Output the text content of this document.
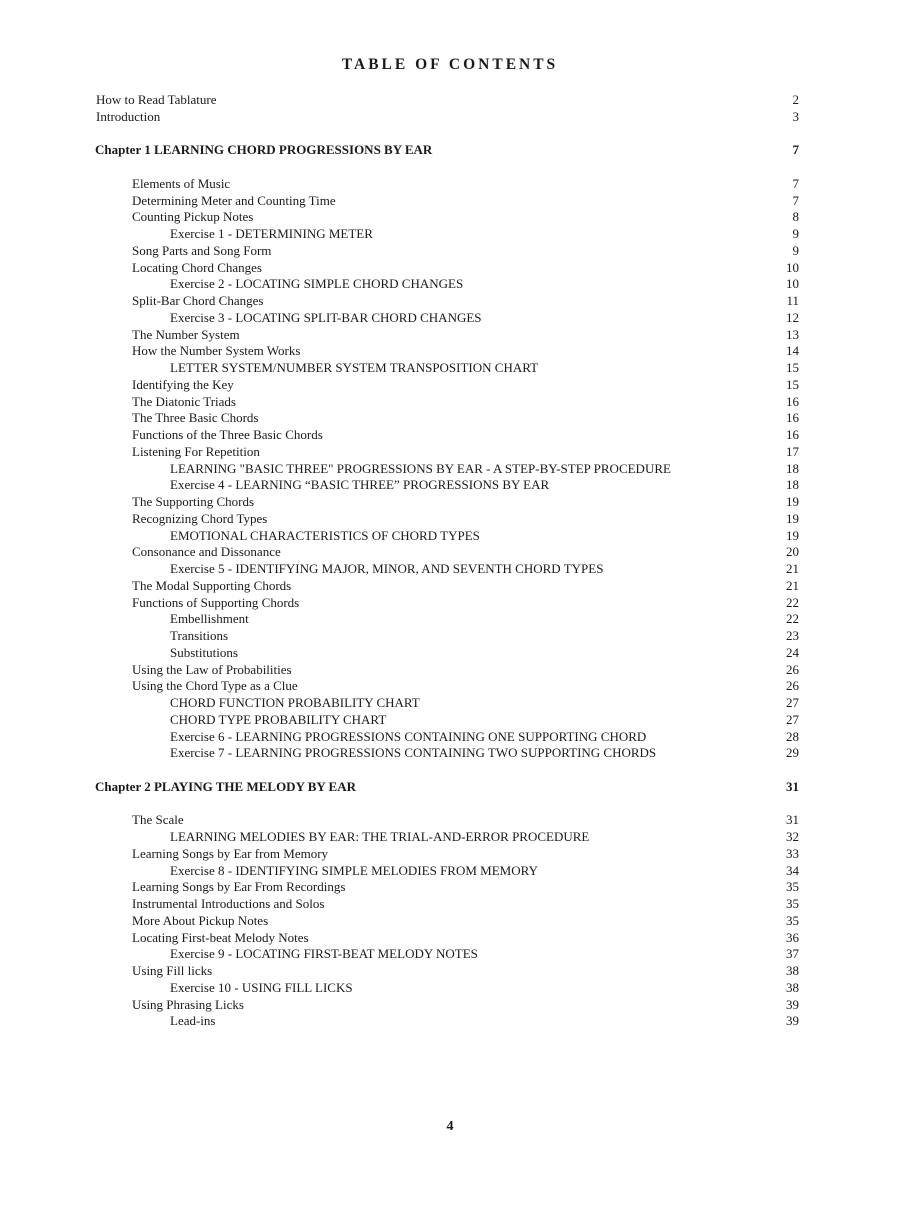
TABLE OF CONTENTS
How to Read Tablature	2
Introduction	3
Chapter 1 LEARNING CHORD PROGRESSIONS BY EAR	7
Elements of Music	7
Determining Meter and Counting Time	7
Counting Pickup Notes	8
Exercise 1 - DETERMINING METER	9
Song Parts and Song Form	9
Locating Chord Changes	10
Exercise 2 - LOCATING SIMPLE CHORD CHANGES	10
Split-Bar Chord Changes	11
Exercise 3 - LOCATING SPLIT-BAR CHORD CHANGES	12
The Number System	13
How the Number System Works	14
LETTER SYSTEM/NUMBER SYSTEM TRANSPOSITION CHART	15
Identifying the Key	15
The Diatonic Triads	16
The Three Basic Chords	16
Functions of the Three Basic Chords	16
Listening For Repetition	17
LEARNING "BASIC THREE" PROGRESSIONS BY EAR - A STEP-BY-STEP PROCEDURE	18
Exercise 4 - LEARNING “BASIC THREE” PROGRESSIONS BY EAR	18
The Supporting Chords	19
Recognizing Chord Types	19
EMOTIONAL CHARACTERISTICS OF CHORD TYPES	19
Consonance and Dissonance	20
Exercise 5 - IDENTIFYING MAJOR, MINOR, AND SEVENTH CHORD TYPES	21
The Modal Supporting Chords	21
Functions of Supporting Chords	22
Embellishment	22
Transitions	23
Substitutions	24
Using the Law of Probabilities	26
Using the Chord Type as a Clue	26
CHORD FUNCTION PROBABILITY CHART	27
CHORD TYPE PROBABILITY CHART	27
Exercise 6 - LEARNING PROGRESSIONS CONTAINING ONE SUPPORTING CHORD	28
Exercise 7 - LEARNING PROGRESSIONS CONTAINING TWO SUPPORTING CHORDS	29
Chapter 2 PLAYING THE MELODY BY EAR	31
The Scale	31
LEARNING MELODIES BY EAR: THE TRIAL-AND-ERROR PROCEDURE	32
Learning Songs by Ear from Memory	33
Exercise 8 - IDENTIFYING SIMPLE MELODIES FROM MEMORY	34
Learning Songs by Ear From Recordings	35
Instrumental Introductions and Solos	35
More About Pickup Notes	35
Locating First-beat Melody Notes	36
Exercise 9 - LOCATING FIRST-BEAT MELODY NOTES	37
Using Fill licks	38
Exercise 10 - USING FILL LICKS	38
Using Phrasing Licks	39
Lead-ins	39
4
